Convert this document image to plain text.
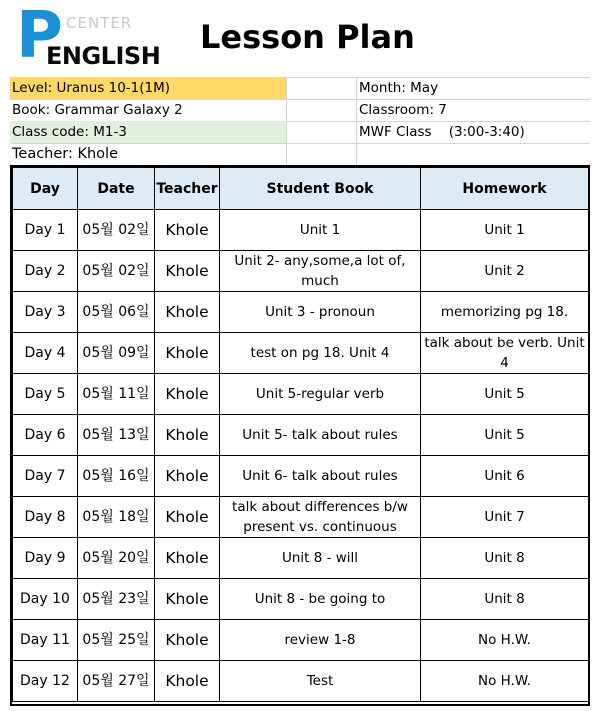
P CENTER
ENGLISH Lesson Plan
Level: Uranus 10-1(1M)	Month: May
Book: Grammar Galaxy 2	Classroom: 7
Class code: M1-3	MWF Class    (3:00-3:40)
Teacher: Khole
Day	Date	Teacher	Student Book	Homework
Day 1	05월 02일	Khole	Unit 1	Unit 1
Day 2	05월 02일	Khole	Unit 2- any,some,a lot of, much	Unit 2
Day 3	05월 06일	Khole	Unit 3 - pronoun	memorizing pg 18.
Day 4	05월 09일	Khole	test on pg 18. Unit 4	talk about be verb. Unit 4
Day 5	05월 11일	Khole	Unit 5-regular verb	Unit 5
Day 6	05월 13일	Khole	Unit 5- talk about rules	Unit 5
Day 7	05월 16일	Khole	Unit 6- talk about rules	Unit 6
Day 8	05월 18일	Khole	talk about differences b/w present vs. continuous	Unit 7
Day 9	05월 20일	Khole	Unit 8 - will	Unit 8
Day 10	05월 23일	Khole	Unit 8 - be going to	Unit 8
Day 11	05월 25일	Khole	review 1-8	No H.W.
Day 12	05월 27일	Khole	Test	No H.W.
